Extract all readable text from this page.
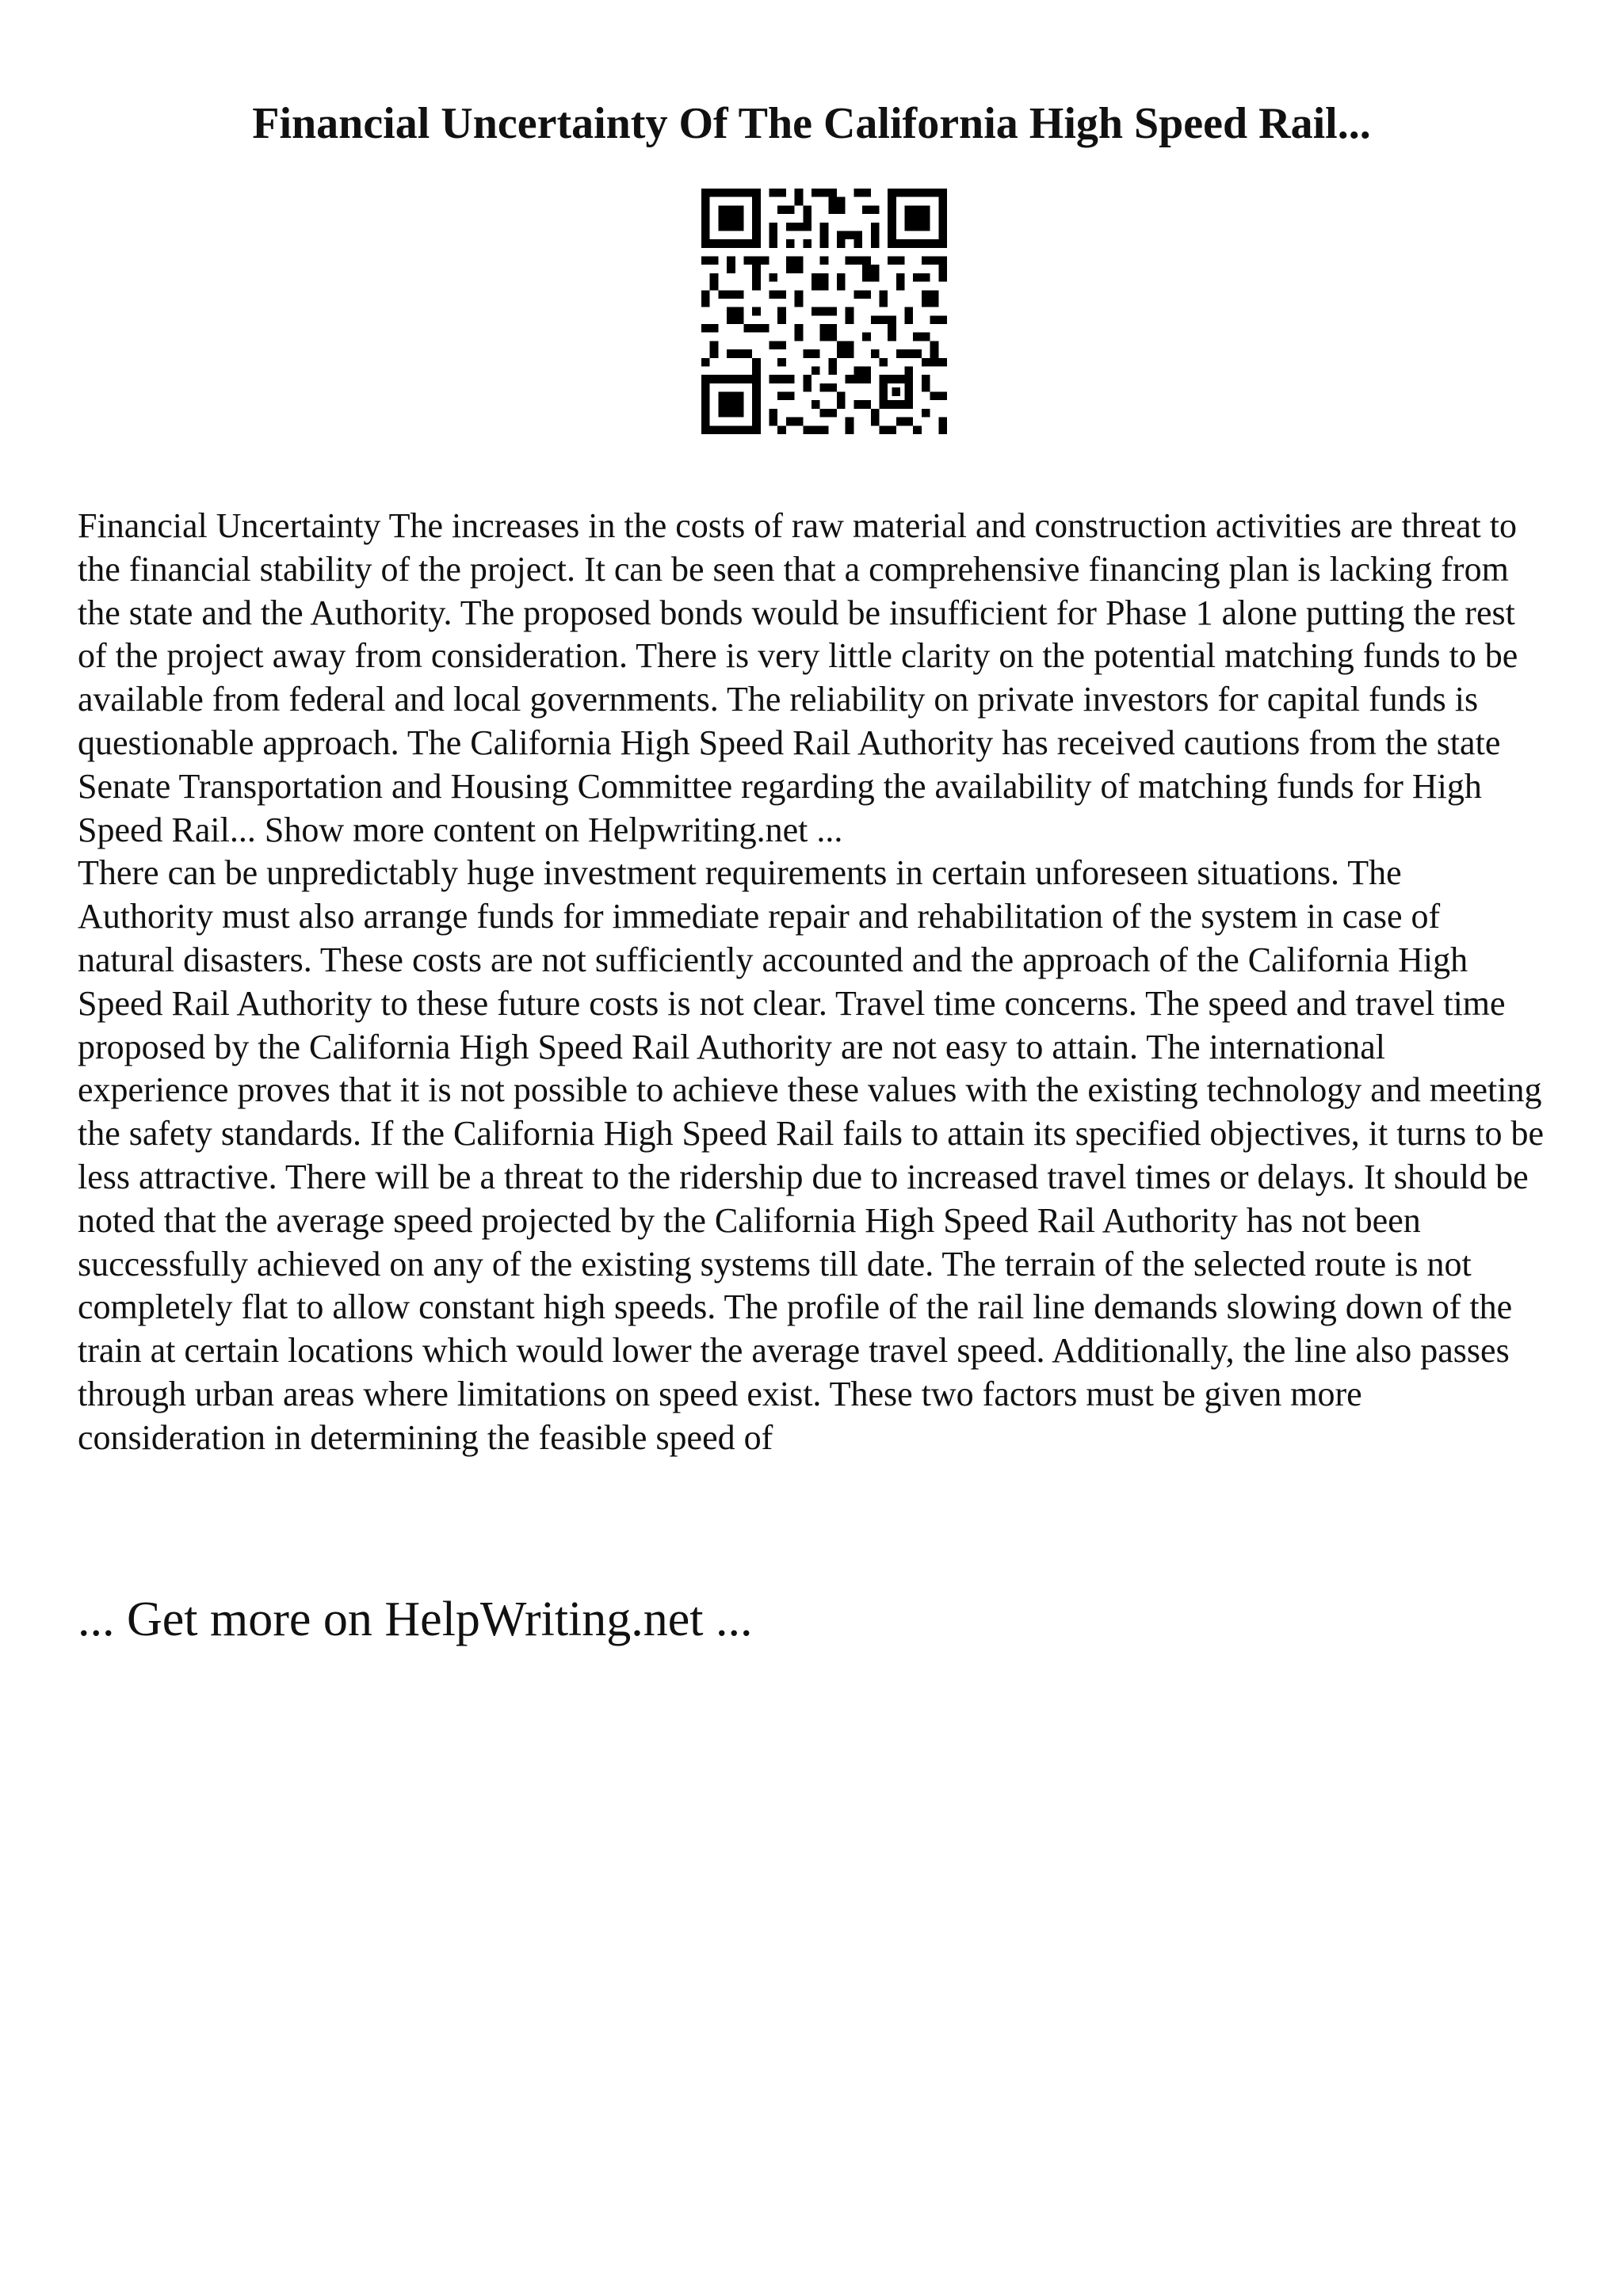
Financial Uncertainty Of The California High Speed Rail...

Financial Uncertainty The increases in the costs of raw material and construction activities are threat to the financial stability of the project. It can be seen that a comprehensive financing plan is lacking from the state and the Authority. The proposed bonds would be insufficient for Phase 1 alone putting the rest of the project away from consideration. There is very little clarity on the potential matching funds to be available from federal and local governments. The reliability on private investors for capital funds is questionable approach. The California High Speed Rail Authority has received cautions from the state Senate Transportation and Housing Committee regarding the availability of matching funds for High Speed Rail... Show more content on Helpwriting.net ...

There can be unpredictably huge investment requirements in certain unforeseen situations. The Authority must also arrange funds for immediate repair and rehabilitation of the system in case of natural disasters. These costs are not sufficiently accounted and the approach of the California High Speed Rail Authority to these future costs is not clear. Travel time concerns. The speed and travel time proposed by the California High Speed Rail Authority are not easy to attain. The international experience proves that it is not possible to achieve these values with the existing technology and meeting the safety standards. If the California High Speed Rail fails to attain its specified objectives, it turns to be less attractive. There will be a threat to the ridership due to increased travel times or delays. It should be noted that the average speed projected by the California High Speed Rail Authority has not been successfully achieved on any of the existing systems till date. The terrain of the selected route is not completely flat to allow constant high speeds. The profile of the rail line demands slowing down of the train at certain locations which would lower the average travel speed. Additionally, the line also passes through urban areas where limitations on speed exist. These two factors must be given more consideration in determining the feasible speed of

... Get more on HelpWriting.net ...
